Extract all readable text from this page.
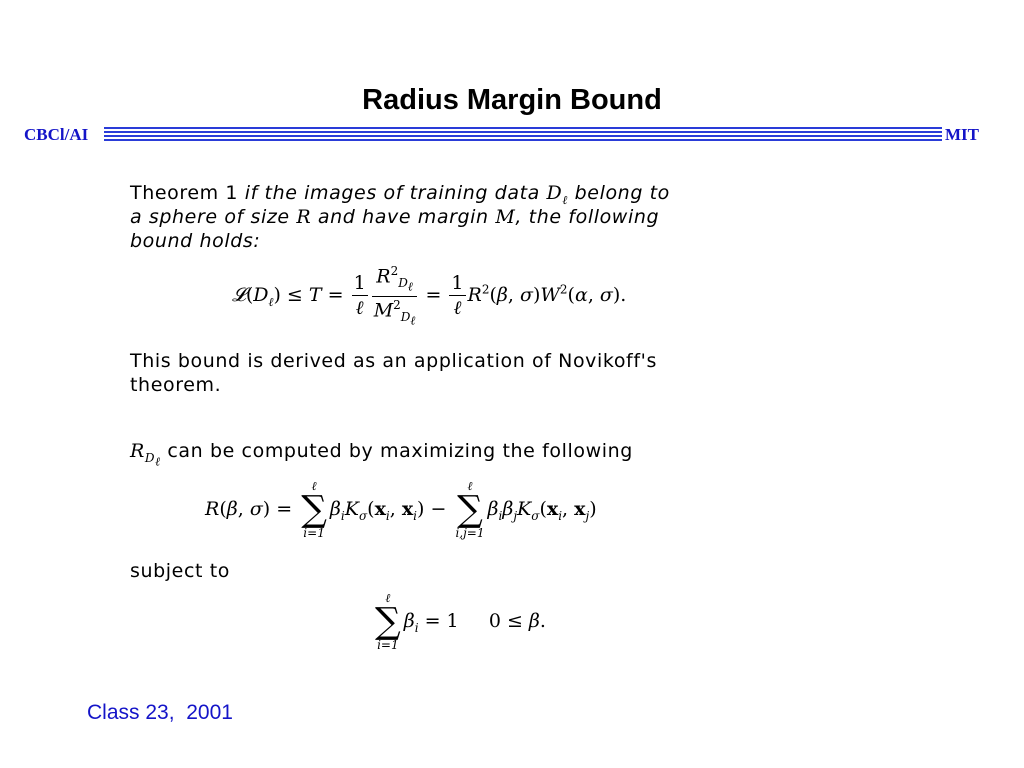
Radius Margin Bound
CBCl/AI	MIT
Theorem 1 if the images of training data $D_\ell$ belong to
a sphere of size R and have margin M, the following
bound holds:
$𝓛(D_\ell) \le T = \frac{1}{\text{ℓ}} \frac{R^2_{D_\ell}}{M^2_{D_\ell}} = \frac{1}{\text{ℓ}} R^2(\beta$, $\sigma)W^2(\alpha$, σ).
This bound is derived as an application of Novikoff's
theorem.
$R_{D_\ell}$ can be computed by maximizing the following
R(β, σ) =
ℓ
∑
i=1
$\beta_iK_\sigma(x_i$, $x_i$) −
ℓ
∑
i,j=1
$\beta_i\beta_jK_\sigma(x_i$, $x_j$)
subject to
ℓ
∑
i=1
$\beta_i = 1$     0 ≤ β.
Class 23,  2001
